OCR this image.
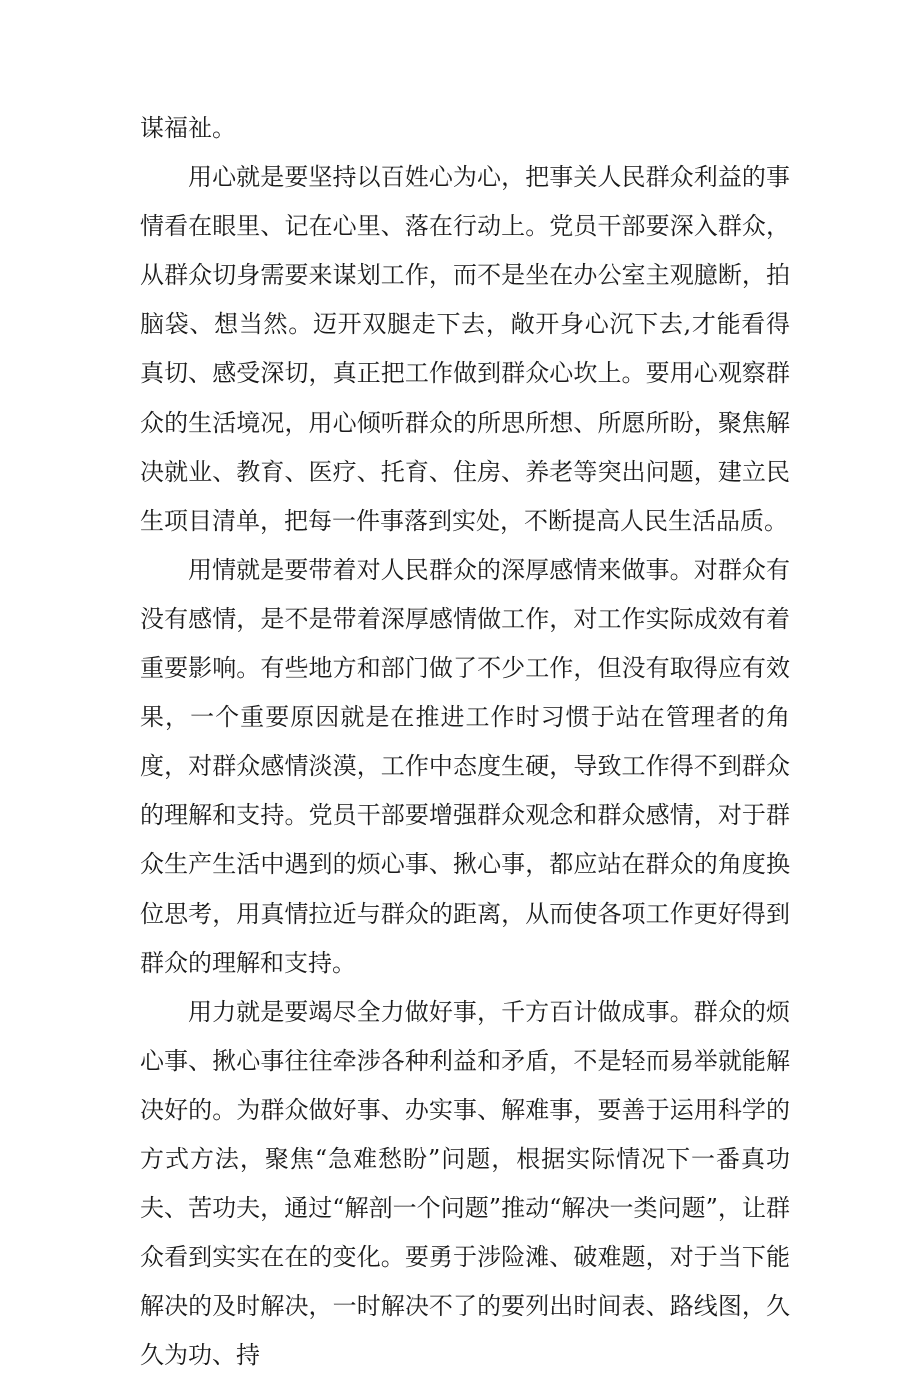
谋福祉。

用心就是要坚持以百姓心为心，把事关人民群众利益的事情看在眼里、记在心里、落在行动上。党员干部要深入群众，从群众切身需要来谋划工作，而不是坐在办公室主观臆断，拍脑袋、想当然。迈开双腿走下去，敞开身心沉下去,才能看得真切、感受深切，真正把工作做到群众心坎上。要用心观察群众的生活境况，用心倾听群众的所思所想、所愿所盼，聚焦解决就业、教育、医疗、托育、住房、养老等突出问题，建立民生项目清单，把每一件事落到实处，不断提高人民生活品质。

用情就是要带着对人民群众的深厚感情来做事。对群众有没有感情，是不是带着深厚感情做工作，对工作实际成效有着重要影响。有些地方和部门做了不少工作，但没有取得应有效果，一个重要原因就是在推进工作时习惯于站在管理者的角度，对群众感情淡漠，工作中态度生硬，导致工作得不到群众的理解和支持。党员干部要增强群众观念和群众感情，对于群众生产生活中遇到的烦心事、揪心事，都应站在群众的角度换位思考，用真情拉近与群众的距离，从而使各项工作更好得到群众的理解和支持。

用力就是要竭尽全力做好事，千方百计做成事。群众的烦心事、揪心事往往牵涉各种利益和矛盾，不是轻而易举就能解决好的。为群众做好事、办实事、解难事，要善于运用科学的方式方法，聚焦“急难愁盼”问题，根据实际情况下一番真功夫、苦功夫，通过“解剖一个问题”推动“解决一类问题”，让群众看到实实在在的变化。要勇于涉险滩、破难题，对于当下能解决的及时解决，一时解决不了的要列出时间表、路线图，久久为功、持
